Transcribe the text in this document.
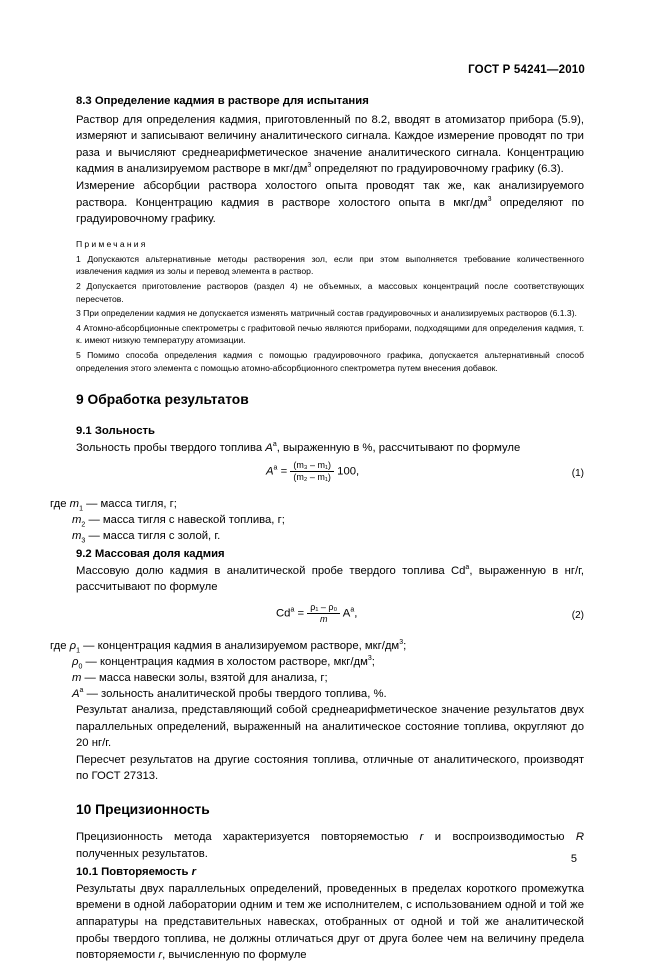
ГОСТ Р 54241—2010

8.3 Определение кадмия в растворе для испытания

Раствор для определения кадмия, приготовленный по 8.2, вводят в атомизатор прибора (5.9), измеряют и записывают величину аналитического сигнала. Каждое измерение проводят по три раза и вычисляют среднеарифметическое значение аналитического сигнала. Концентрацию кадмия в анализируемом растворе в мкг/$дм^3$ определяют по градуировочному графику (6.3).

Измерение абсорбции раствора холостого опыта проводят так же, как анализируемого раствора. Концентрацию кадмия в растворе холостого опыта в мкг/$дм^3$ определяют по градуировочному графику.

Примечания

1 Допускаются альтернативные методы растворения зол, если при этом выполняется требование количественного извлечения кадмия из золы и перевод элемента в раствор.

2 Допускается приготовление растворов (раздел 4) не объемных, а массовых концентраций после соответствующих пересчетов.

3 При определении кадмия не допускается изменять матричный состав градуировочных и анализируемых растворов (6.1.3).

4 Атомно-абсорбционные спектрометры с графитовой печью являются приборами, подходящими для определения кадмия, т. к. имеют низкую температуру атомизации.

5 Помимо способа определения кадмия с помощью градуировочного графика, допускается альтернативный способ определения этого элемента с помощью атомно-абсорбционного спектрометра путем внесения добавок.

9 Обработка результатов

9.1 Зольность

Зольность пробы твердого топлива $A^a$, выраженную в %, рассчитывают по формуле

$A^a = \frac{\text{(m₃ – m₁)}}{\text{(m₂ – m₁)}} 100$,	(1)

где $m_1$ — масса тигля, г;

$m_2$ — масса тигля с навеской топлива, г;

$m_3$ — масса тигля с золой, г.

9.2 Массовая доля кадмия

Массовую долю кадмия в аналитической пробе твердого топлива Cd$^a$, выраженную в нг/г, рассчитывают по формуле

$Cd^a = \frac{\text{ρ₁ – ρ₀}}{m} A^a$,	(2)

где $\rho_1$ — концентрация кадмия в анализируемом растворе, мкг/$дм^3$;

$\rho_0$ — концентрация кадмия в холостом растворе, мкг/$дм^3$;

m — масса навески золы, взятой для анализа, г;

$A^a$ — зольность аналитической пробы твердого топлива, %.

Результат анализа, представляющий собой среднеарифметическое значение результатов двух параллельных определений, выраженный на аналитическое состояние топлива, округляют до 20 нг/г.

Пересчет результатов на другие состояния топлива, отличные от аналитического, производят по ГОСТ 27313.

10 Прецизионность

Прецизионность метода характеризуется повторяемостью r и воспроизводимостью R полученных результатов.

10.1 Повторяемость r

Результаты двух параллельных определений, проведенных в пределах короткого промежутка времени в одной лаборатории одним и тем же исполнителем, с использованием одной и той же аппаратуры на представительных навесках, отобранных от одной и той же аналитической пробы твердого топлива, не должны отличаться друг от друга более чем на величину предела повторяемости r, вычисленную по формуле

5
